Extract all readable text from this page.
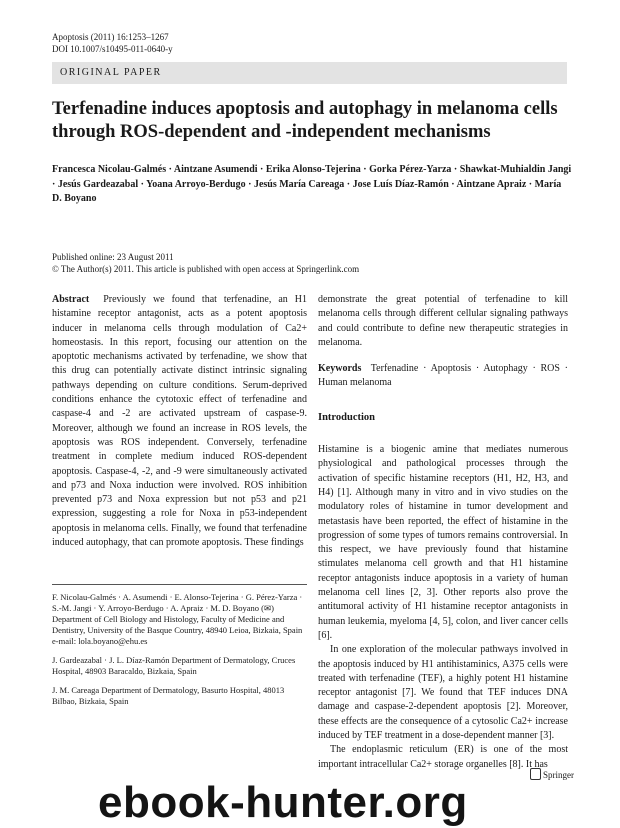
Apoptosis (2011) 16:1253–1267
DOI 10.1007/s10495-011-0640-y
ORIGINAL PAPER
Terfenadine induces apoptosis and autophagy in melanoma cells through ROS-dependent and -independent mechanisms
Francesca Nicolau-Galmés · Aintzane Asumendi · Erika Alonso-Tejerina · Gorka Pérez-Yarza · Shawkat-Muhialdin Jangi · Jesús Gardeazabal · Yoana Arroyo-Berdugo · Jesús María Careaga · Jose Luís Díaz-Ramón · Aintzane Apraiz · María D. Boyano
Published online: 23 August 2011
© The Author(s) 2011. This article is published with open access at Springerlink.com

Abstract Previously we found that terfenadine, an H1 histamine receptor antagonist, acts as a potent apoptosis inducer in melanoma cells through modulation of Ca2+ homeostasis. In this report, focusing our attention on the apoptotic mechanisms activated by terfenadine, we show that this drug can potentially activate distinct intrinsic signaling pathways depending on culture conditions. Serum-deprived conditions enhance the cytotoxic effect of terfenadine and caspase-4 and -2 are activated upstream of caspase-9. Moreover, although we found an increase in ROS levels, the apoptosis was ROS independent. Conversely, terfenadine treatment in complete medium induced ROS-dependent apoptosis. Caspase-4, -2, and -9 were simultaneously activated and p73 and Noxa induction were involved. ROS inhibition prevented p73 and Noxa expression but not p53 and p21 expression, suggesting a role for Noxa in p53-independent apoptosis in melanoma cells. Finally, we found that terfenadine induced autophagy, that can promote apoptosis. These findings

F. Nicolau-Galmés · A. Asumendi · E. Alonso-Tejerina · G. Pérez-Yarza · S.-M. Jangi · Y. Arroyo-Berdugo · A. Apraiz · M. D. Boyano (✉) Department of Cell Biology and Histology, Faculty of Medicine and Dentistry, University of the Basque Country, 48940 Leioa, Bizkaia, Spain e-mail: lola.boyano@ehu.es

J. Gardeazabal · J. L. Díaz-Ramón Department of Dermatology, Cruces Hospital, 48903 Baracaldo, Bizkaia, Spain

J. M. Careaga Department of Dermatology, Basurto Hospital, 48013 Bilbao, Bizkaia, Spain

demonstrate the great potential of terfenadine to kill melanoma cells through different cellular signaling pathways and could contribute to define new therapeutic strategies in melanoma.

Keywords Terfenadine · Apoptosis · Autophagy · ROS · Human melanoma

Introduction

Histamine is a biogenic amine that mediates numerous physiological and pathological processes through the activation of specific histamine receptors (H1, H2, H3, and H4) [1]. Although many in vitro and in vivo studies on the modulatory roles of histamine in tumor development and metastasis have been reported, the effect of histamine in the progression of some types of tumors remains controversial. In this respect, we have previously found that histamine stimulates melanoma cell growth and that H1 histamine receptor antagonists induce apoptosis in a variety of human melanoma cell lines [2, 3]. Other reports also prove the antitumoral activity of H1 histamine receptor antagonists in human leukemia, myeloma [4, 5], colon, and liver cancer cells [6].

In one exploration of the molecular pathways involved in the apoptosis induced by H1 antihistaminics, A375 cells were treated with terfenadine (TEF), a highly potent H1 histamine receptor antagonist [7]. We found that TEF induces DNA damage and caspase-2-dependent apoptosis [2]. Moreover, these effects are the consequence of a cytosolic Ca2+ increase induced by TEF treatment in a dose-dependent manner [3].

The endoplasmic reticulum (ER) is one of the most important intracellular Ca2+ storage organelles [8]. It has

Springer
ebook-hunter.org
